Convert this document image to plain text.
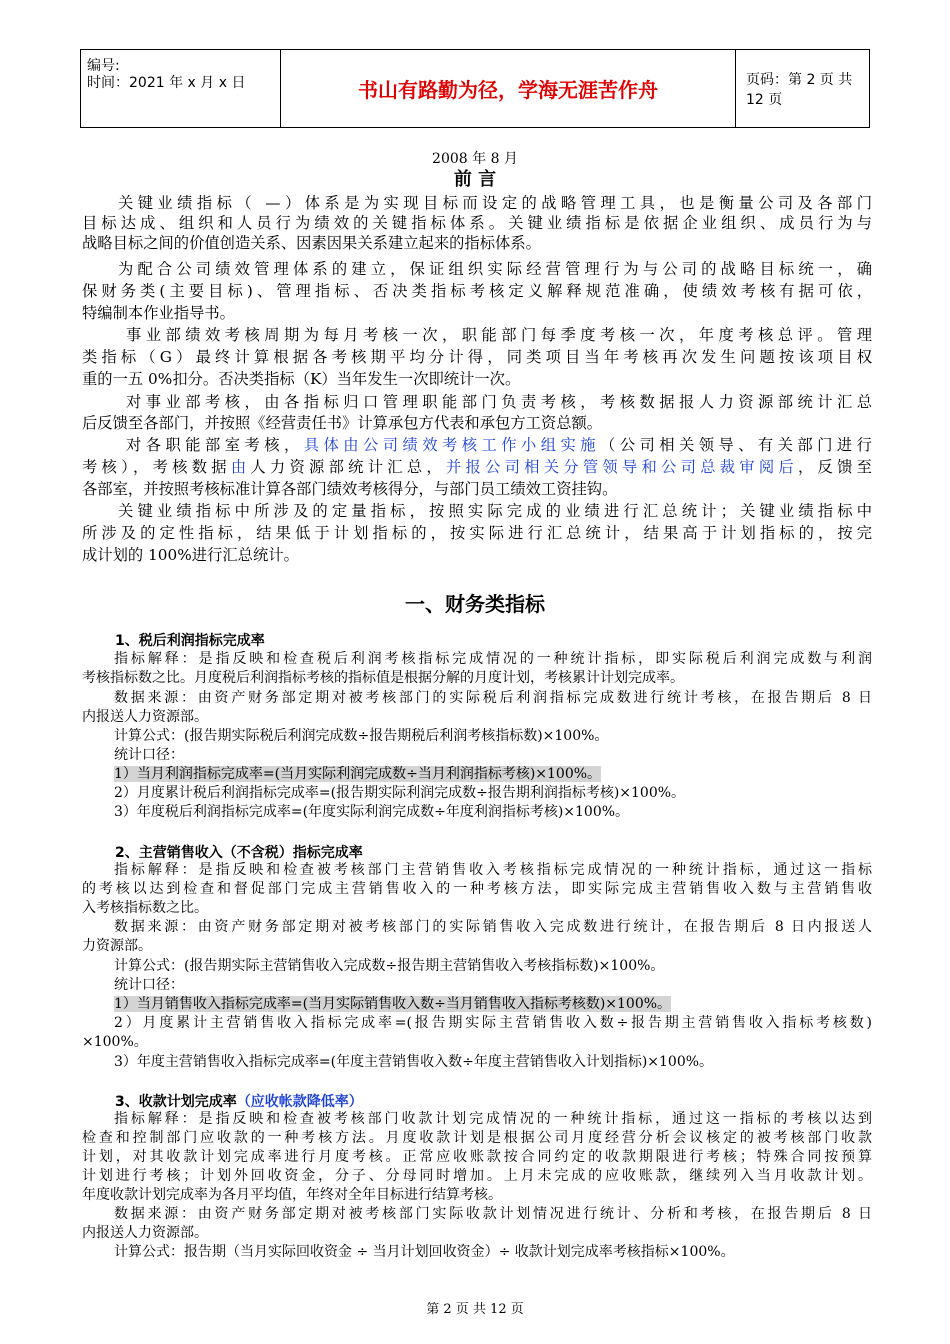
编号:
时间：2021 年 x 月 x 日	书山有路勤为径，学海无涯苦作舟	页码：第 2 页 共 12 页
2008 年 8 月
前 言
关键业绩指标（ —）体系是为实现目标而设定的战略管理工具，也是衡量公司及各部门
目标达成、组织和人员行为绩效的关键指标体系。关键业绩指标是依据企业组织、成员行为与
战略目标之间的价值创造关系、因素因果关系建立起来的指标体系。
为配合公司绩效管理体系的建立，保证组织实际经营管理行为与公司的战略目标统一，确
保财务类(主要目标)、管理指标、否决类指标考核定义解释规范准确，使绩效考核有据可依，
特编制本作业指导书。
事业部绩效考核周期为每月考核一次，职能部门每季度考核一次，年度考核总评。管理
类指标（G）最终计算根据各考核期平均分计得，同类项目当年考核再次发生问题按该项目权
重的一五 0%扣分。否决类指标（K）当年发生一次即统计一次。
对事业部考核，由各指标归口管理职能部门负责考核，考核数据报人力资源部统计汇总
后反馈至各部门，并按照《经营责任书》计算承包方代表和承包方工资总额。
对各职能部室考核，具体由公司绩效考核工作小组实施（公司相关领导、有关部门进行
考核），考核数据由人力资源部统计汇总，并报公司相关分管领导和公司总裁审阅后，反馈至
各部室，并按照考核标准计算各部门绩效考核得分，与部门员工绩效工资挂钩。
关键业绩指标中所涉及的定量指标，按照实际完成的业绩进行汇总统计；关键业绩指标中
所涉及的定性指标，结果低于计划指标的，按实际进行汇总统计，结果高于计划指标的，按完
成计划的 100%进行汇总统计。
一、财务类指标
1、税后利润指标完成率
指标解释：是指反映和检查税后利润考核指标完成情况的一种统计指标，即实际税后利润完成数与利润
考核指标数之比。月度税后利润指标考核的指标值是根据分解的月度计划，考核累计计划完成率。
数据来源：由资产财务部定期对被考核部门的实际税后利润指标完成数进行统计考核，在报告期后 8 日
内报送人力资源部。
计算公式：(报告期实际税后利润完成数÷报告期税后利润考核指标数)×100%。
统计口径：
1）当月利润指标完成率=(当月实际利润完成数÷当月利润指标考核)×100%。
2）月度累计税后利润指标完成率=(报告期实际利润完成数÷报告期利润指标考核)×100%。
3）年度税后利润指标完成率=(年度实际利润完成数÷年度利润指标考核)×100%。
2、主营销售收入（不含税）指标完成率
指标解释：是指反映和检查被考核部门主营销售收入考核指标完成情况的一种统计指标，通过这一指标
的考核以达到检查和督促部门完成主营销售收入的一种考核方法，即实际完成主营销售收入数与主营销售收
入考核指标数之比。
数据来源：由资产财务部定期对被考核部门的实际销售收入完成数进行统计，在报告期后 8 日内报送人
力资源部。
计算公式：(报告期实际主营销售收入完成数÷报告期主营销售收入考核指标数)×100%。
统计口径：
1）当月销售收入指标完成率=(当月实际销售收入数÷当月销售收入指标考核数)×100%。
2）月度累计主营销售收入指标完成率=(报告期实际主营销售收入数÷报告期主营销售收入指标考核数)
×100%。
3）年度主营销售收入指标完成率=(年度主营销售收入数÷年度主营销售收入计划指标)×100%。
3、收款计划完成率（应收帐款降低率）
指标解释：是指反映和检查被考核部门收款计划完成情况的一种统计指标，通过这一指标的考核以达到
检查和控制部门应收款的一种考核方法。月度收款计划是根据公司月度经营分析会议核定的被考核部门收款
计划，对其收款计划完成率进行月度考核。正常应收账款按合同约定的收款期限进行考核；特殊合同按预算
计划进行考核；计划外回收资金，分子、分母同时增加。上月未完成的应收账款，继续列入当月收款计划。
年度收款计划完成率为各月平均值，年终对全年目标进行结算考核。
数据来源：由资产财务部定期对被考核部门实际收款计划情况进行统计、分析和考核，在报告期后 8 日
内报送人力资源部。
计算公式：报告期（当月实际回收资金 ÷ 当月计划回收资金）÷ 收款计划完成率考核指标×100%。
第 2 页 共 12 页
